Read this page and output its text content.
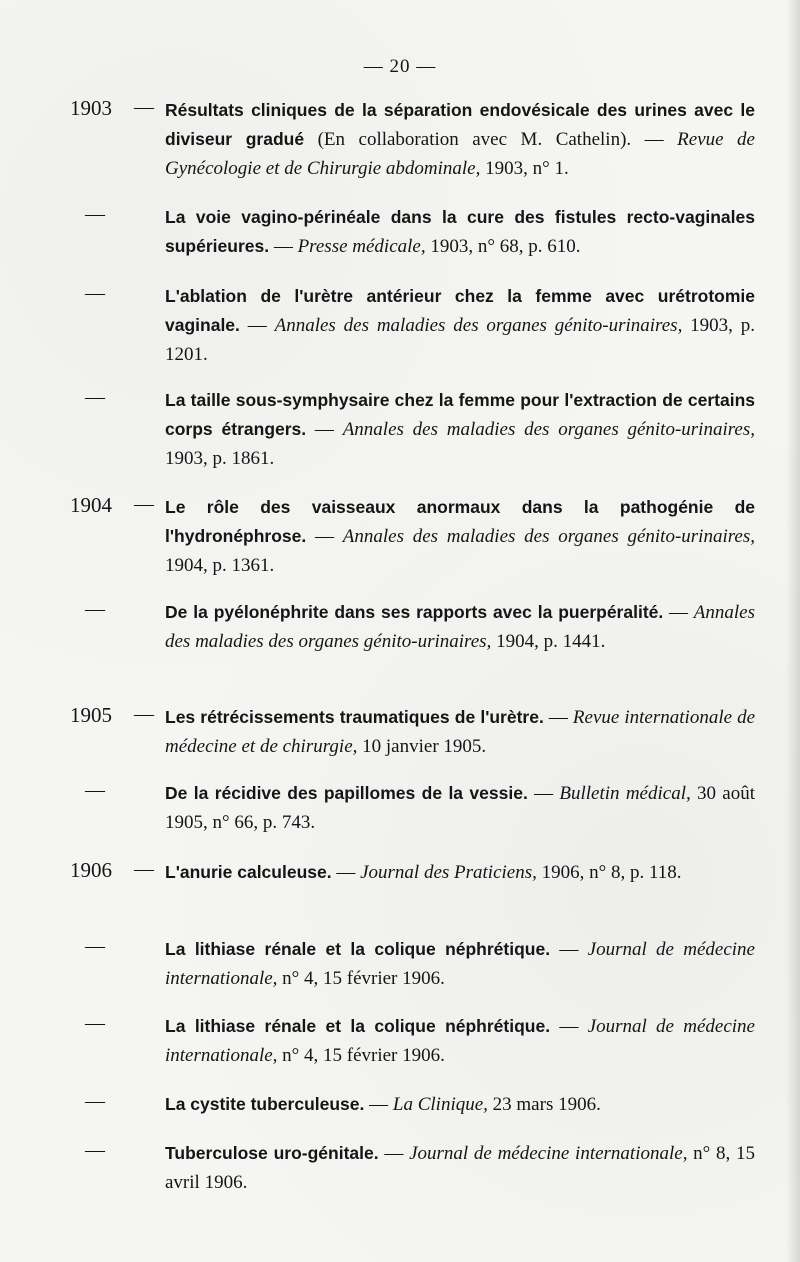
— 20 —
1903	— Résultats cliniques de la séparation endovésicale des urines avec le diviseur gradué (En collaboration avec M. Cathelin). — Revue de Gynécologie et de Chirurgie abdominale, 1903, n° 1.
—	La voie vagino-périnéale dans la cure des fistules recto-vaginales supérieures. — Presse médicale, 1903, n° 68, p. 610.
—	L'ablation de l'urètre antérieur chez la femme avec urétrotomie vaginale. — Annales des maladies des organes génito-urinaires, 1903, p. 1201.
—	La taille sous-symphysaire chez la femme pour l'extraction de certains corps étrangers. — Annales des maladies des organes génito-urinaires, 1903, p. 1861.
1904	— Le rôle des vaisseaux anormaux dans la pathogénie de l'hydronéphrose. — Annales des maladies des organes génito-urinaires, 1904, p. 1361.
—	De la pyélonéphrite dans ses rapports avec la puerpéralité. — Annales des maladies des organes génito-urinaires, 1904, p. 1441.
1905	— Les rétrécissements traumatiques de l'urètre. — Revue internationale de médecine et de chirurgie, 10 janvier 1905.
—	De la récidive des papillomes de la vessie. — Bulletin médical, 30 août 1905, n° 66, p. 743.
1906	— L'anurie calculeuse. — Journal des Praticiens, 1906, n° 8, p. 118.
—	La lithiase rénale et la colique néphrétique. — Journal de médecine internationale, n° 4, 15 février 1906.
—	La lithiase rénale et la colique néphrétique. — Journal de médecine internationale, n° 4, 15 février 1906.
—	La cystite tuberculeuse. — La Clinique, 23 mars 1906.
—	Tuberculose uro-génitale. — Journal de médecine internationale, n° 8, 15 avril 1906.
